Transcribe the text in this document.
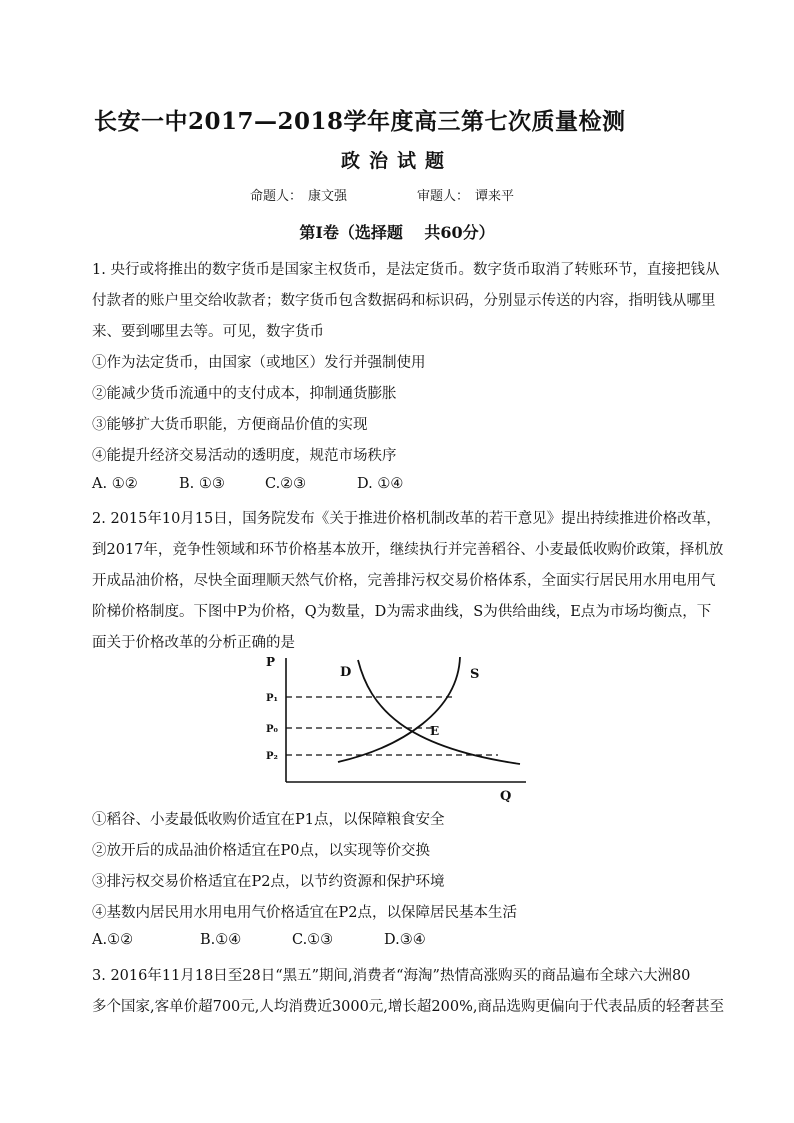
长安一中2017—2018学年度高三第七次质量检测
政治试题
命题人： 康文强	审题人： 谭来平
第Ⅰ卷（选择题　 共60分）
1. 央行或将推出的数字货币是国家主权货币，是法定货币。数字货币取消了转账环节，直接把钱从
付款者的账户里交给收款者；数字货币包含数据码和标识码，分别显示传送的内容，指明钱从哪里
来、要到哪里去等。可见，数字货币
①作为法定货币，由国家（或地区）发行并强制使用
②能减少货币流通中的支付成本，抑制通货膨胀
③能够扩大货币职能，方便商品价值的实现
④能提升经济交易活动的透明度，规范市场秩序
A. ①②	B. ①③	C.②③	D. ①④
2. 2015年10月15日，国务院发布《关于推进价格机制改革的若干意见》提出持续推进价格改革，
到2017年，竞争性领域和环节价格基本放开，继续执行并完善稻谷、小麦最低收购价政策，择机放
开成品油价格，尽快全面理顺天然气价格，完善排污权交易价格体系，全面实行居民用水用电用气
阶梯价格制度。下图中P为价格，Q为数量，D为需求曲线，S为供给曲线，E点为市场均衡点，下
面关于价格改革的分析正确的是
P
P₁
P₀
P₂
D	S
E
Q
①稻谷、小麦最低收购价适宜在P1点，以保障粮食安全
②放开后的成品油价格适宜在P0点，以实现等价交换
③排污权交易价格适宜在P2点，以节约资源和保护环境
④基数内居民用水用电用气价格适宜在P2点，以保障居民基本生活
A.①②	B.①④	C.①③	D.③④
3. 2016年11月18日至28日“黑五”期间,消费者“海淘”热情高涨购买的商品遍布全球六大洲80
多个国家,客单价超700元,人均消费近3000元,增长超200%,商品选购更偏向于代表品质的轻奢甚至
